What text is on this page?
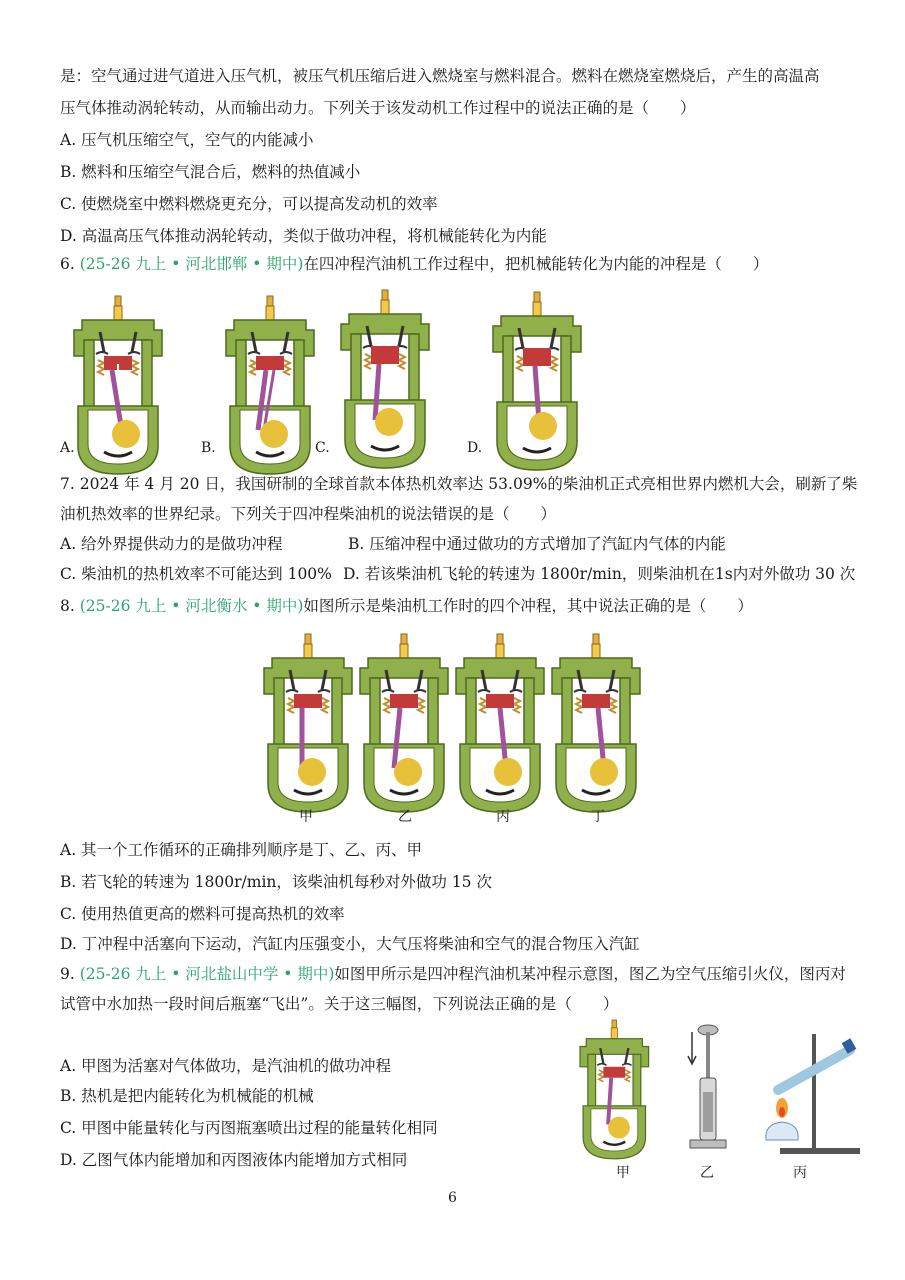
是：空气通过进气道进入压气机，被压气机压缩后进入燃烧室与燃料混合。燃料在燃烧室燃烧后，产生的高温高
压气体推动涡轮转动，从而输出动力。下列关于该发动机工作过程中的说法正确的是（　　）
A. 压气机压缩空气，空气的内能减小
B. 燃料和压缩空气混合后，燃料的热值减小
C. 使燃烧室中燃料燃烧更充分，可以提高发动机的效率
D. 高温高压气体推动涡轮转动，类似于做功冲程，将机械能转化为内能
6. (25-26 九上 • 河北邯郸 • 期中)在四冲程汽油机工作过程中，把机械能转化为内能的冲程是（　　）
A.	B.	C.	D.
7. 2024 年 4 月 20 日，我国研制的全球首款本体热机效率达 53.09%的柴油机正式亮相世界内燃机大会，刷新了柴
油机热效率的世界纪录。下列关于四冲程柴油机的说法错误的是（　　）
A. 给外界提供动力的是做功冲程	B. 压缩冲程中通过做功的方式增加了汽缸内气体的内能
C. 柴油机的热机效率不可能达到 100% D. 若该柴油机飞轮的转速为 1800r/min，则柴油机在1s内对外做功 30 次
8. (25-26 九上 • 河北衡水 • 期中)如图所示是柴油机工作时的四个冲程，其中说法正确的是（　　）
甲	乙	丙	丁
A. 其一个工作循环的正确排列顺序是丁、乙、丙、甲
B. 若飞轮的转速为 1800r/min，该柴油机每秒对外做功 15 次
C. 使用热值更高的燃料可提高热机的效率
D. 丁冲程中活塞向下运动，汽缸内压强变小，大气压将柴油和空气的混合物压入汽缸
9. (25-26 九上 • 河北盐山中学 • 期中)如图甲所示是四冲程汽油机某冲程示意图，图乙为空气压缩引火仪，图丙对
试管中水加热一段时间后瓶塞“飞出”。关于这三幅图，下列说法正确的是（　　）
A. 甲图为活塞对气体做功，是汽油机的做功冲程
B. 热机是把内能转化为机械能的机械
C. 甲图中能量转化与丙图瓶塞喷出过程的能量转化相同
D. 乙图气体内能增加和丙图液体内能增加方式相同
甲	乙	丙
6
